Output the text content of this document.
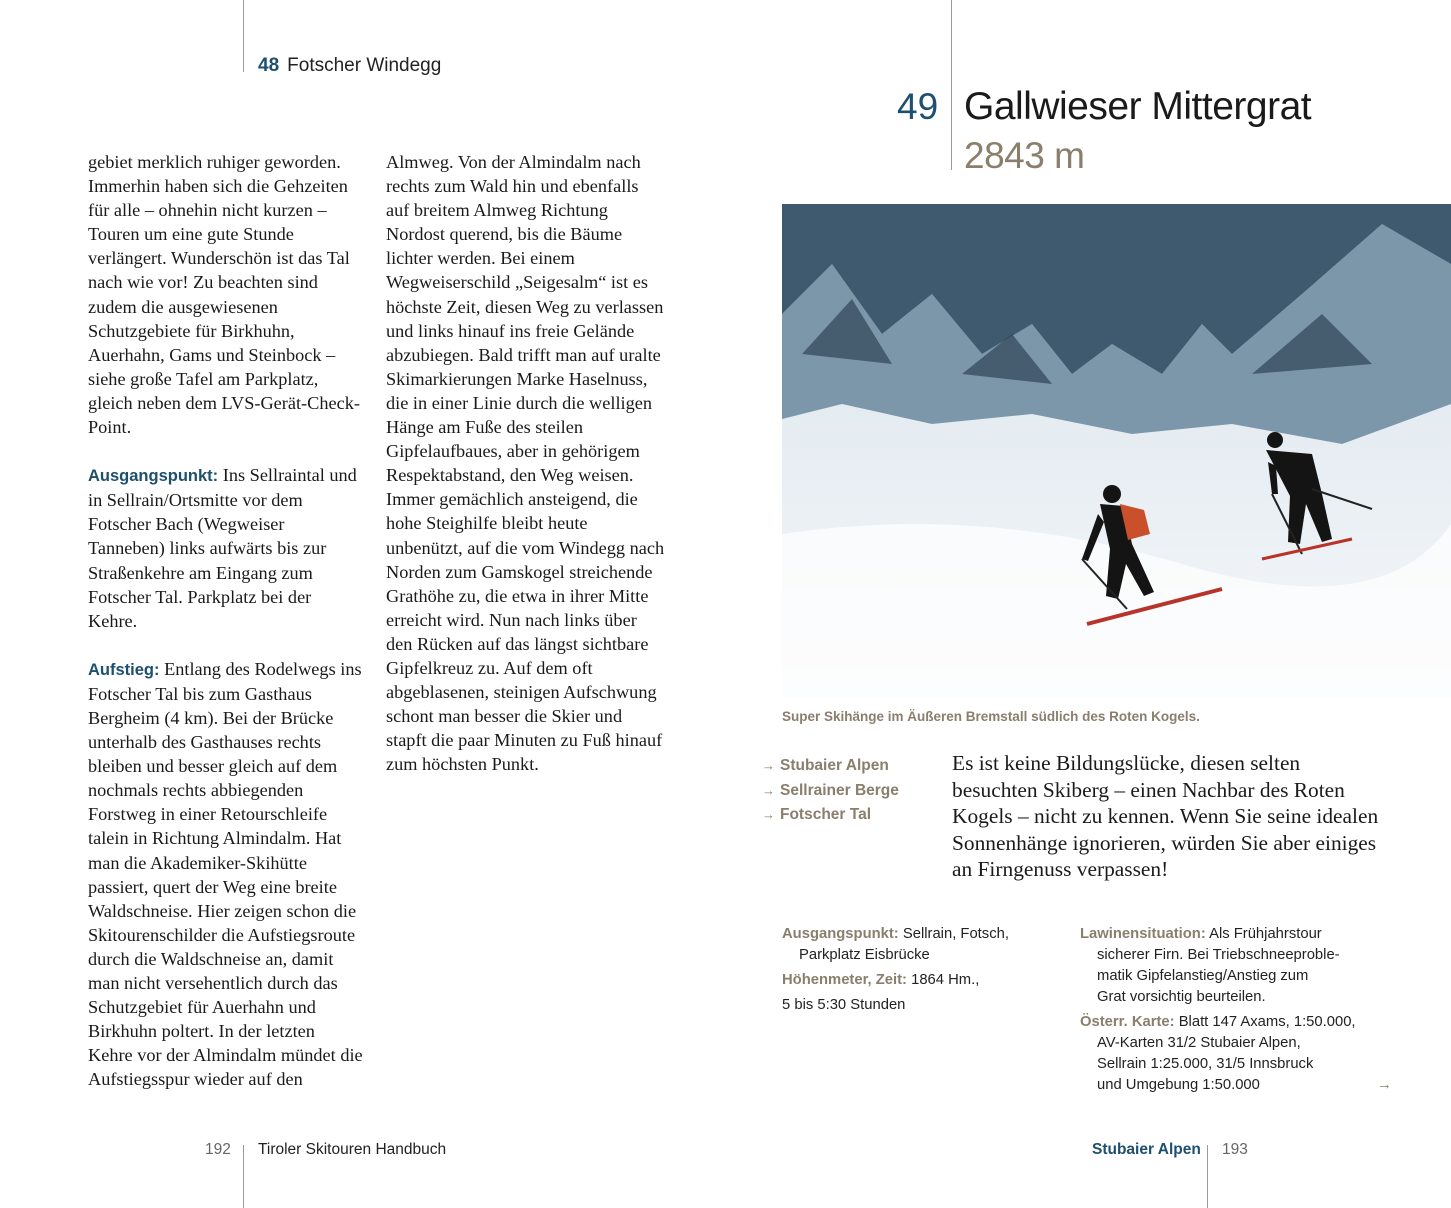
48 Fotscher Windegg
49 Gallwieser Mittergrat
2843 m

gebiet merklich ruhiger geworden. Immerhin haben sich die Gehzeiten für alle – ohnehin nicht kurzen – Touren um eine gute Stunde verlängert. Wunderschön ist das Tal nach wie vor! Zu beachten sind zudem die ausgewiesenen Schutzgebiete für Birkhuhn, Auerhahn, Gams und Steinbock – siehe große Tafel am Parkplatz, gleich neben dem LVS-Gerät-Check-Point.

Ausgangspunkt: Ins Sellraintal und in Sellrain/Ortsmitte vor dem Fotscher Bach (Wegweiser Tanneben) links aufwärts bis zur Straßenkehre am Eingang zum Fotscher Tal. Parkplatz bei der Kehre.

Aufstieg: Entlang des Rodelwegs ins Fotscher Tal bis zum Gasthaus Bergheim (4 km). Bei der Brücke unterhalb des Gasthauses rechts bleiben und besser gleich auf dem nochmals rechts abbiegenden Forstweg in einer Retourschleife talein in Richtung Almindalm. Hat man die Akademiker-Skihütte passiert, quert der Weg eine breite Waldschneise. Hier zeigen schon die Skitourenschilder die Aufstiegsroute durch die Waldschneise an, damit man nicht versehentlich durch das Schutzgebiet für Auerhahn und Birkhuhn poltert. In der letzten Kehre vor der Almindalm mündet die Aufstiegsspur wieder auf den

Almweg. Von der Almindalm nach rechts zum Wald hin und ebenfalls auf breitem Almweg Richtung Nordost querend, bis die Bäume lichter werden. Bei einem Wegweiserschild „Seigesalm“ ist es höchste Zeit, diesen Weg zu verlassen und links hinauf ins freie Gelände abzubiegen. Bald trifft man auf uralte Skimarkierungen Marke Haselnuss, die in einer Linie durch die welligen Hänge am Fuße des steilen Gipfelaufbaues, aber in gehörigem Respektabstand, den Weg weisen. Immer gemächlich ansteigend, die hohe Steighilfe bleibt heute unbenützt, auf die vom Windegg nach Norden zum Gamskogel streichende Grathöhe zu, die etwa in ihrer Mitte erreicht wird. Nun nach links über den Rücken auf das längst sichtbare Gipfelkreuz zu. Auf dem oft abgeblasenen, steinigen Aufschwung schont man besser die Skier und stapft die paar Minuten zu Fuß hinauf zum höchsten Punkt.

Super Skihänge im Äußeren Bremstall südlich des Roten Kogels.
→ Stubaier Alpen
→ Sellrainer Berge
→ Fotscher Tal
Es ist keine Bildungslücke, diesen selten besuchten Skiberg – einen Nachbar des Roten Kogels – nicht zu kennen. Wenn Sie seine idealen Sonnenhänge ignorieren, würden Sie aber einiges an Firngenuss verpassen!
Ausgangspunkt: Sellrain, Fotsch,
Parkplatz Eisbrücke
Höhenmeter, Zeit: 1864 Hm.,
5 bis 5:30 Stunden
Lawinensituation: Als Frühjahrstour
sicherer Firn. Bei Triebschneeproble-
matik Gipfelanstieg/Anstieg zum
Grat vorsichtig beurteilen.
Österr. Karte: Blatt 147 Axams, 1:50.000,
AV-Karten 31/2 Stubaier Alpen,
Sellrain 1:25.000, 31/5 Innsbruck
und Umgebung 1:50.000	→
192 Tiroler Skitouren Handbuch	Stubaier Alpen 193
